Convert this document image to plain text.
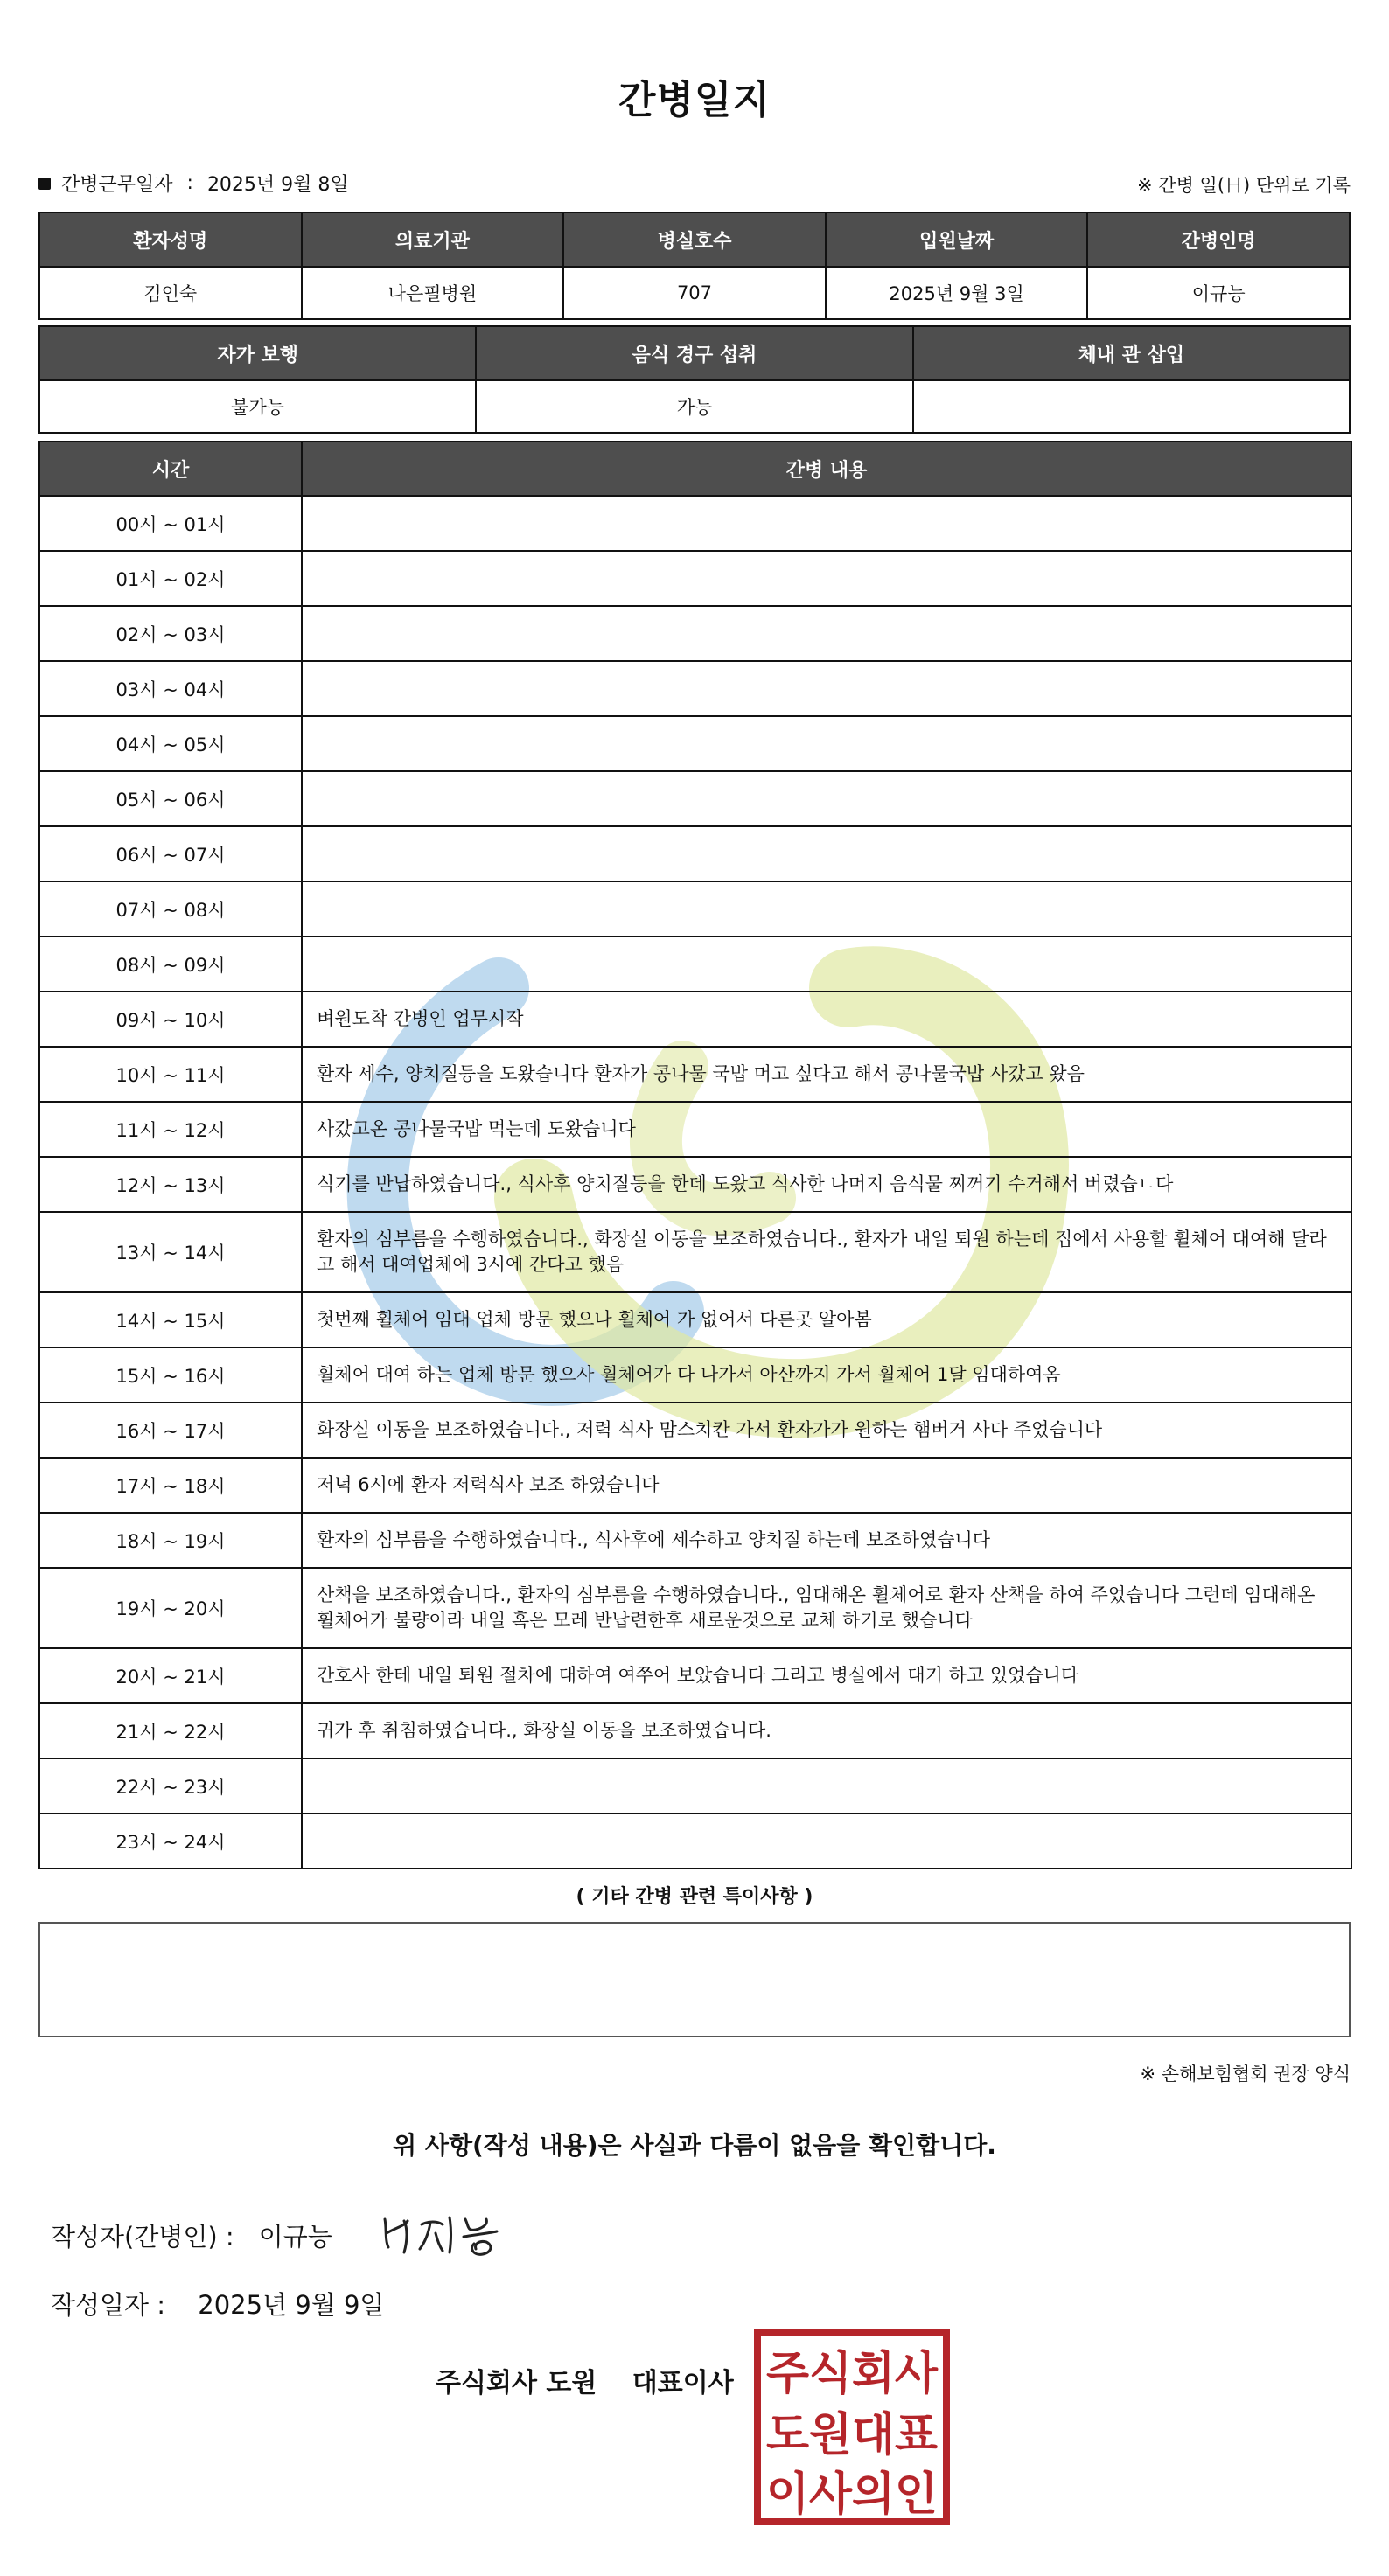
간병일지
간병근무일자 : 2025년 9월 8일	※ 간병 일(日) 단위로 기록
환자성명	의료기관	병실호수	입원날짜	간병인명
김인숙	나은필병원	707	2025년 9월 3일	이규능
자가 보행	음식 경구 섭취	체내 관 삽입
불가능	가능	
시간	간병 내용
00시 ~ 01시	
01시 ~ 02시	
02시 ~ 03시	
03시 ~ 04시	
04시 ~ 05시	
05시 ~ 06시	
06시 ~ 07시	
07시 ~ 08시	
08시 ~ 09시	
09시 ~ 10시	벼원도착 간병인 업무시작
10시 ~ 11시	환자 세수, 양치질등을 도왔습니다 환자가 콩나물 국밥 머고 싶다고 해서 콩나물국밥 사갔고 왔음
11시 ~ 12시	사갔고온 콩나물국밥 먹는데 도왔습니다
12시 ~ 13시	식기를 반납하였습니다., 식사후 양치질등을 한데 도왔고 식사한 나머지 음식물 찌꺼기 수거해서 버렸습ㄴ다
13시 ~ 14시	환자의 심부름을 수행하였습니다., 화장실 이동을 보조하였습니다., 환자가 내일 퇴원 하는데 집에서 사용할 휠체어 대여해 달라고 해서 대여업체에 3시에 간다고 했음
14시 ~ 15시	첫번째 휠체어 임대 업체 방문 했으나 휠체어 가 없어서 다른곳 알아봄
15시 ~ 16시	휠체어 대여 하는 업체 방문 했으사 휠체어가 다 나가서 아산까지 가서 휠체어 1달 임대하여옴
16시 ~ 17시	화장실 이동을 보조하였습니다., 저력 식사 맘스치칸 가서 환자가가 원하는 햄버거 사다 주었습니다
17시 ~ 18시	저녁 6시에 환자 저력식사 보조 하였습니다
18시 ~ 19시	환자의 심부름을 수행하였습니다., 식사후에 세수하고 양치질 하는데 보조하였습니다
19시 ~ 20시	산책을 보조하였습니다., 환자의 심부름을 수행하였습니다., 임대해온 휠체어로 환자 산책을 하여 주었습니다 그런데 임대해온 휠체어가 불량이라 내일 혹은 모레 반납련한후 새로운것으로 교체 하기로 했습니다
20시 ~ 21시	간호사 한테 내일 퇴원 절차에 대하여 여쭈어 보았습니다 그리고 병실에서 대기 하고 있었습니다
21시 ~ 22시	귀가 후 취침하였습니다., 화장실 이동을 보조하였습니다.
22시 ~ 23시	
23시 ~ 24시	
( 기타 간병 관련 특이사항 )
※ 손해보험협회 권장 양식
위 사항(작성 내용)은 사실과 다름이 없음을 확인합니다.
작성자(간병인) : 이규능
작성일자 : 2025년 9월 9일
주식회사 도원 대표이사 주식회사
도원대표
이사의인
